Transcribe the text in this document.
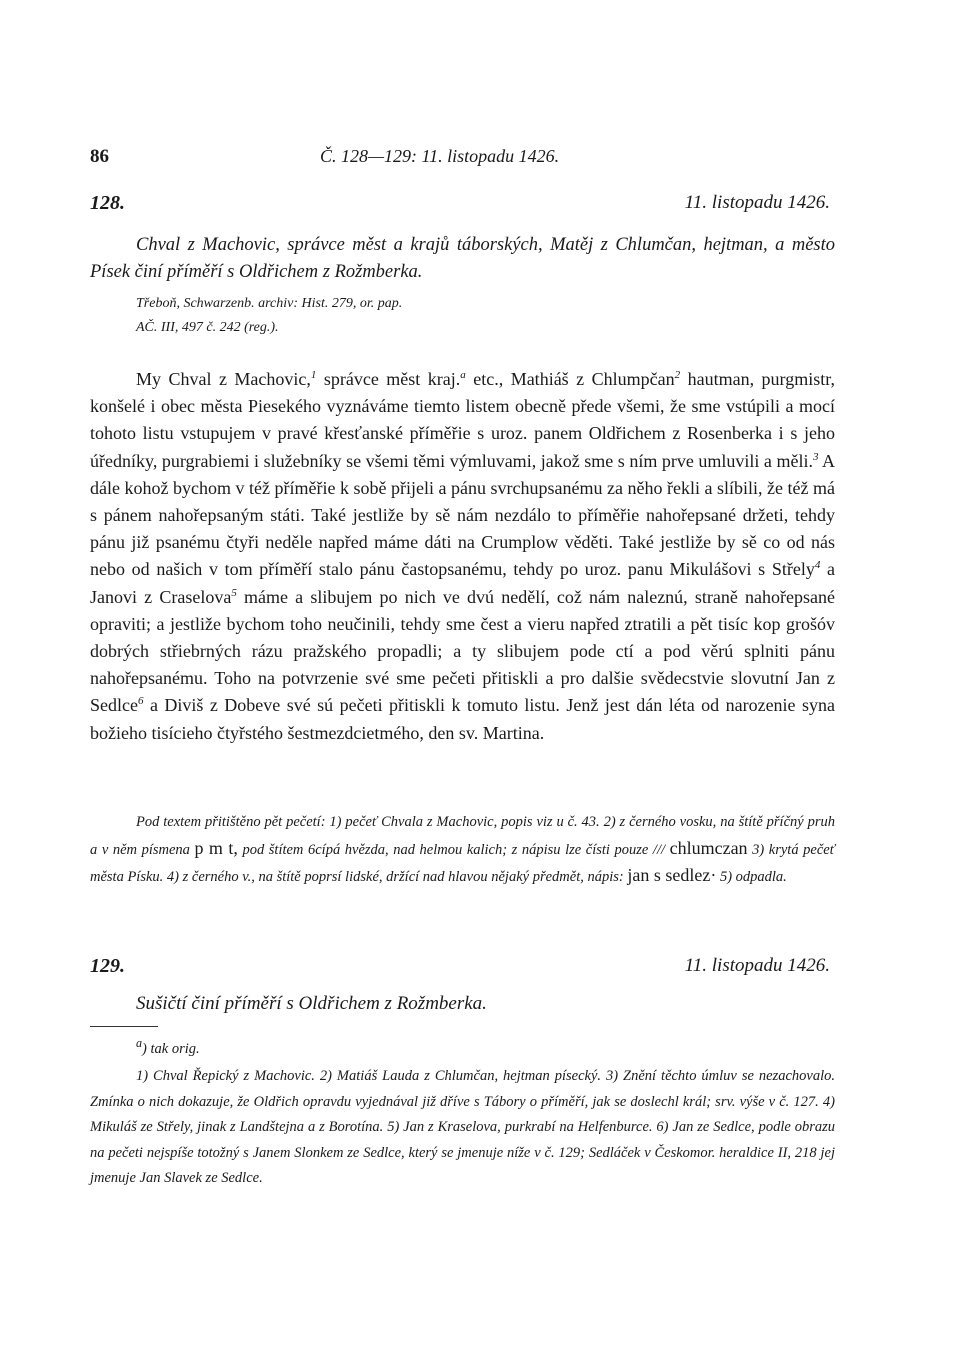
86	Č. 128—129: 11. listopadu 1426.
128.	11. listopadu 1426.
Chval z Machovic, správce měst a krajů táborských, Matěj z Chlumčan, hejtman, a město Písek činí příměří s Oldřichem z Rožmberka.
Třeboň, Schwarzenb. archiv: Hist. 279, or. pap.
AČ. III, 497 č. 242 (reg.).
My Chval z Machovic,$^1$ správce měst kraj.$^a$ etc., Mathiáš z Chlumpčan$^2$ hautman, purgmistr, konšelé i obec města Piesekého vyznáváme tiemto listem obecně přede všemi, že sme vstúpili a mocí tohoto listu vstupujem v pravé křesťanské příměřie s uroz. panem Oldřichem z Rosenberka i s jeho úředníky, purgrabiemi i služebníky se všemi těmi výmluvami, jakož sme s ním prve umluvili a měli.$^3$ A dále kohož bychom v též příměřie k sobě přijeli a pánu svrchupsanému za něho řekli a slíbili, že též má s pánem nahořepsaným státi. Také jestliže by sě nám nezdálo to příměřie nahořepsané držeti, tehdy pánu již psanému čtyři neděle napřed máme dáti na Crumplow věděti. Také jestliže by sě co od nás nebo od našich v tom příměří stalo pánu častopsanému, tehdy po uroz. panu Mikulášovi s Střely$^4$ a Janovi z Craselova$^5$ máme a slibujem po nich ve dvú nedělí, což nám naleznú, straně nahořepsané opraviti; a jestliže bychom toho neučinili, tehdy sme čest a vieru napřed ztratili a pět tisíc kop grošóv dobrých střiebrných rázu pražského propadli; a ty slibujem pode ctí a pod věrú splniti pánu nahořepsanému. Toho na potvrzenie své sme pečeti přitiskli a pro dalšie svědecstvie slovutní Jan z Sedlce$^6$ a Diviš z Dobeve své sú pečeti přitiskli k tomuto listu. Jenž jest dán léta od narozenie syna božieho tisícieho čtyřstého šestmezdcietmého, den sv. Martina.
Pod textem přitištěno pět pečetí: 1) pečeť Chvala z Machovic, popis viz u č. 43. 2) z černého vosku, na štítě příčný pruh a v něm písmena p m t, pod štítem 6cípá hvězda, nad helmou kalich; z nápisu lze čísti pouze /// chlumczan 3) krytá pečeť města Písku. 4) z černého v., na štítě poprsí lidské, držící nad hlavou nějaký předmět, nápis: jan s sedlez· 5) odpadla.
129.	11. listopadu 1426.
Sušičtí činí příměří s Oldřichem z Rožmberka.
$^a$) tak orig.
1) Chval Řepický z Machovic. 2) Matiáš Lauda z Chlumčan, hejtman písecký. 3) Znění těchto úmluv se nezachovalo. Zmínka o nich dokazuje, že Oldřich opravdu vyjednával již dříve s Tábory o příměří, jak se doslechl král; srv. výše v č. 127. 4) Mikuláš ze Střely, jinak z Landštejna a z Borotína. 5) Jan z Kraselova, purkrabí na Helfenburce. 6) Jan ze Sedlce, podle obrazu na pečeti nejspíše totožný s Janem Slonkem ze Sedlce, který se jmenuje níže v č. 129; Sedláček v Českomor. heraldice II, 218 jej jmenuje Jan Slavek ze Sedlce.
